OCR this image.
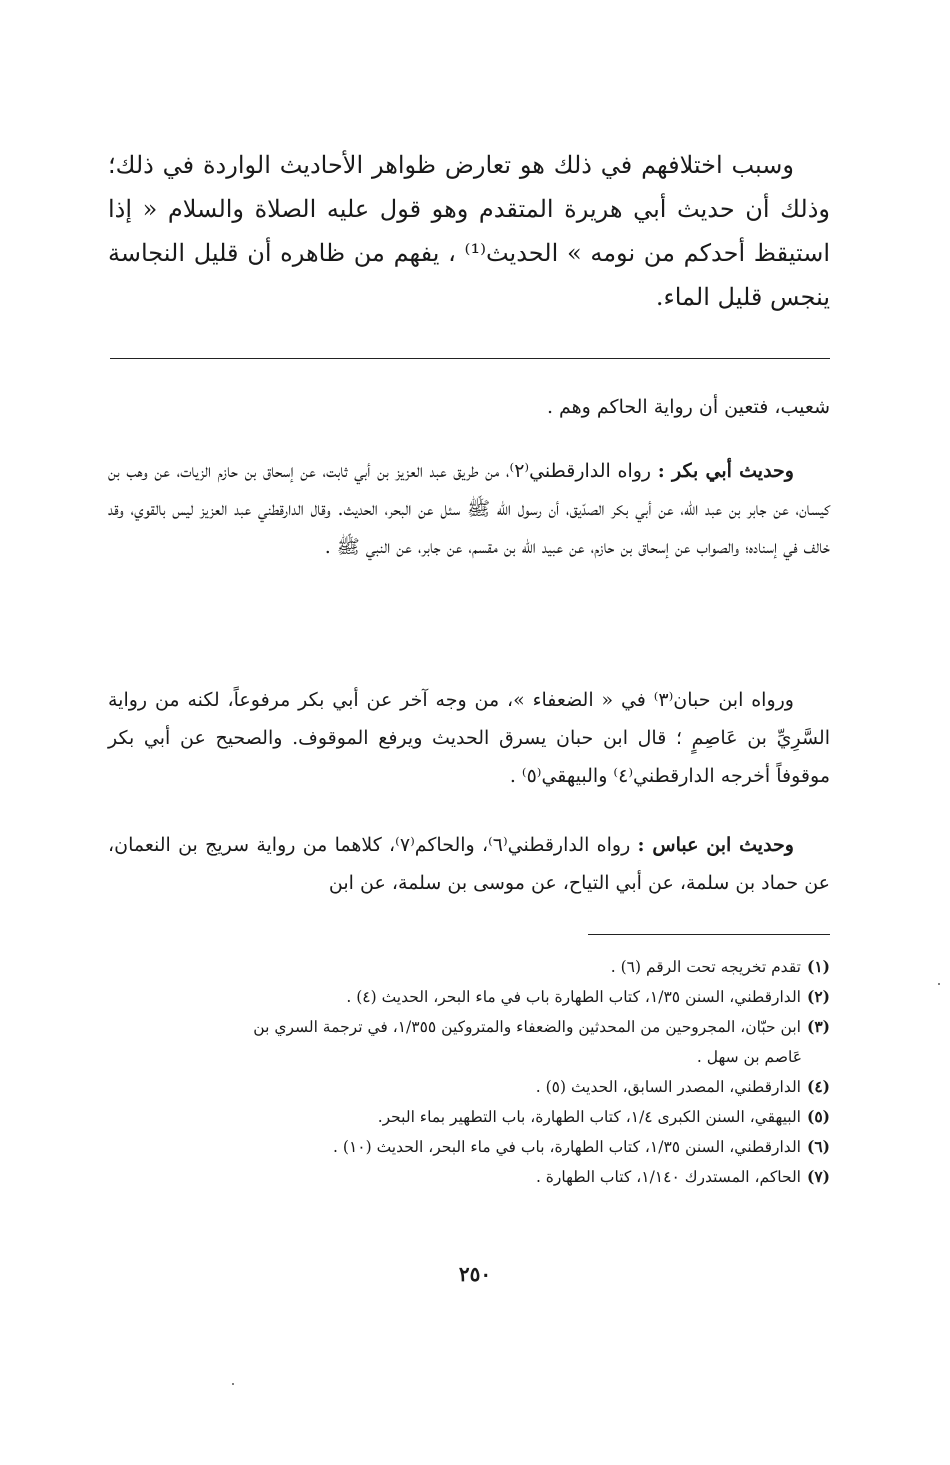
وسبب اختلافهم في ذلك هو تعارض ظواهر الأحاديث الواردة في ذلك؛ وذلك أن حديث أبي هريرة المتقدم وهو قول عليه الصلاة والسلام « إذا استيقظ أحدكم من نومه » الحديث⁽¹⁾ ، يفهم من ظاهره أن قليل النجاسة ينجس قليل الماء.

شعيب، فتعين أن رواية الحاكم وهم .

وحديث أبي بكر : رواه الدارقطني⁽٢⁾، من طريق عبد العزيز بن أبي ثابت، عن إسحاق بن حازم الزيات، عن وهب بن كيسان، عن جابر بن عبد الله، عن أبي بكر الصدّيق، أن رسول الله ﷺ سئل عن البحر، الحديث. وقال الدارقطني عبد العزيز ليس بالقوي، وقد خالف في إسناده؛ والصواب عن إسحاق بن حازم، عن عبيد الله بن مقسم، عن جابر، عن النبي ﷺ .

ورواه ابن حبان⁽٣⁾ في « الضعفاء »، من وجه آخر عن أبي بكر مرفوعاً، لكنه من رواية السَّرِيِّ بن عَاصِمٍ ؛ قال ابن حبان يسرق الحديث ويرفع الموقوف. والصحيح عن أبي بكر موقوفاً أخرجه الدارقطني⁽٤⁾ والبيهقي⁽٥⁾ .

وحديث ابن عباس : رواه الدارقطني⁽٦⁾، والحاكم⁽٧⁾، كلاهما من رواية سريج بن النعمان، عن حماد بن سلمة، عن أبي التياح، عن موسى بن سلمة، عن ابن

(١)تقدم تخريجه تحت الرقم (٦) .
(٢)الدارقطني، السنن ١/٣٥، كتاب الطهارة باب في ماء البحر، الحديث (٤) .
(٣)ابن حبّان، المجروحين من المحدثين والضعفاء والمتروكين ١/٣٥٥، في ترجمة السري بن
عَاصم بن سهل .
(٤)الدارقطني، المصدر السابق، الحديث (٥) .
(٥)البيهقي، السنن الكبرى ١/٤، كتاب الطهارة، باب التطهير بماء البحر.
(٦)الدارقطني، السنن ١/٣٥، كتاب الطهارة، باب في ماء البحر، الحديث (١٠) .
(٧)الحاكم، المستدرك ١/١٤٠، كتاب الطهارة .
٢٥٠
